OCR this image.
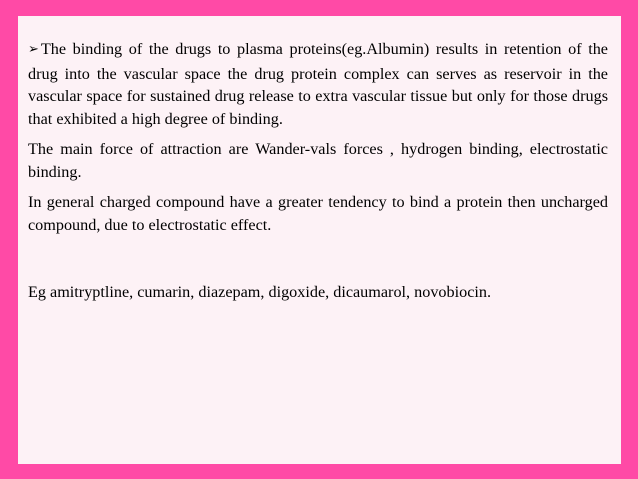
➢ The binding of the drugs to plasma proteins(eg.Albumin) results in retention of the drug into the vascular space the drug protein complex can serves as reservoir in the vascular space for sustained drug release to extra vascular tissue but only for those drugs that exhibited a high degree of binding.

The main force of attraction are Wander-vals forces , hydrogen binding, electrostatic binding.

In general charged compound have a greater tendency to bind a protein then uncharged compound, due to electrostatic effect.

Eg amitryptline, cumarin, diazepam, digoxide, dicaumarol, novobiocin.
